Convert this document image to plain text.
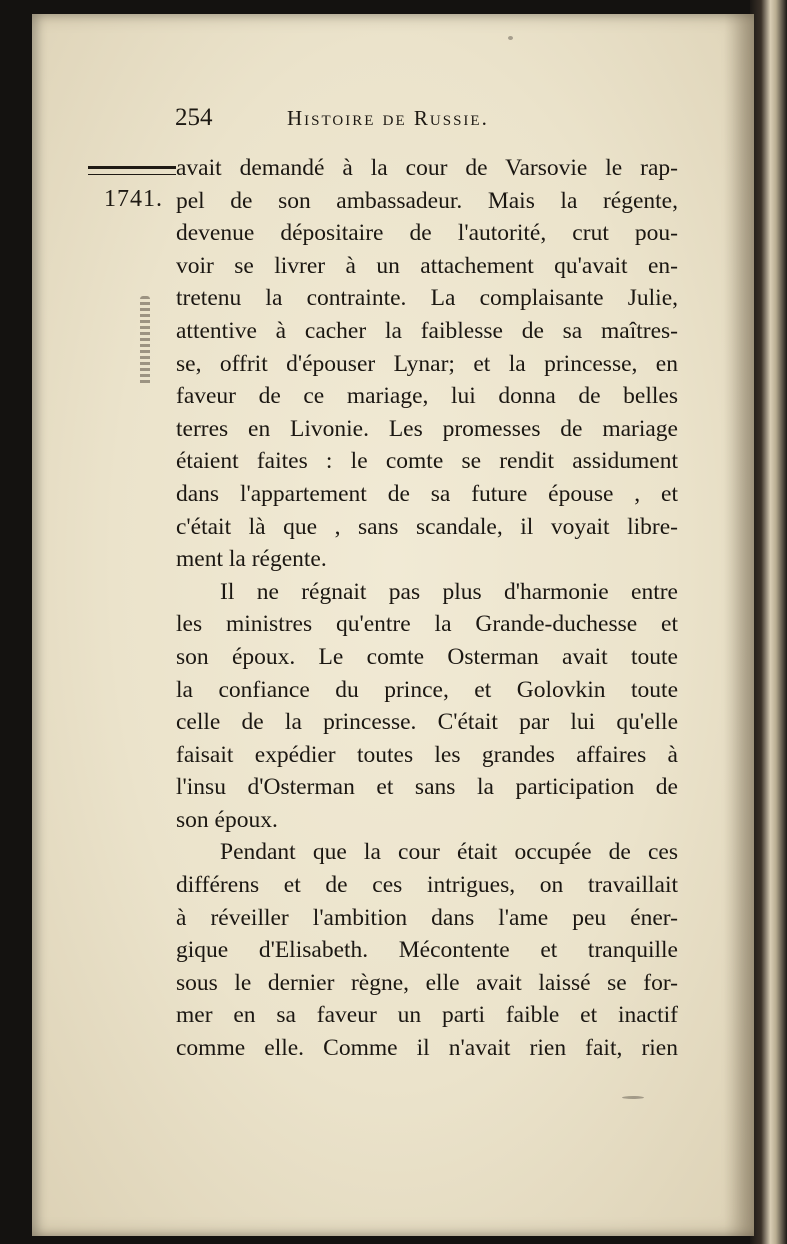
254	Histoire de Russie.
1741.
avait demandé à la cour de Varsovie le rap-
pel de son ambassadeur. Mais la régente,
devenue dépositaire de l'autorité, crut pou-
voir se livrer à un attachement qu'avait en-
tretenu la contrainte. La complaisante Julie,
attentive à cacher la faiblesse de sa maîtres-
se, offrit d'épouser Lynar; et la princesse, en
faveur de ce mariage, lui donna de belles
terres en Livonie. Les promesses de mariage
étaient faites : le comte se rendit assidument
dans l'appartement de sa future épouse , et
c'était là que , sans scandale, il voyait libre-
ment la régente.
Il ne régnait pas plus d'harmonie entre
les ministres qu'entre la Grande-duchesse et
son époux. Le comte Osterman avait toute
la confiance du prince, et Golovkin toute
celle de la princesse. C'était par lui qu'elle
faisait expédier toutes les grandes affaires à
l'insu d'Osterman et sans la participation de
son époux.
Pendant que la cour était occupée de ces
différens et de ces intrigues, on travaillait
à réveiller l'ambition dans l'ame peu éner-
gique d'Elisabeth. Mécontente et tranquille
sous le dernier règne, elle avait laissé se for-
mer en sa faveur un parti faible et inactif
comme elle. Comme il n'avait rien fait, rien
